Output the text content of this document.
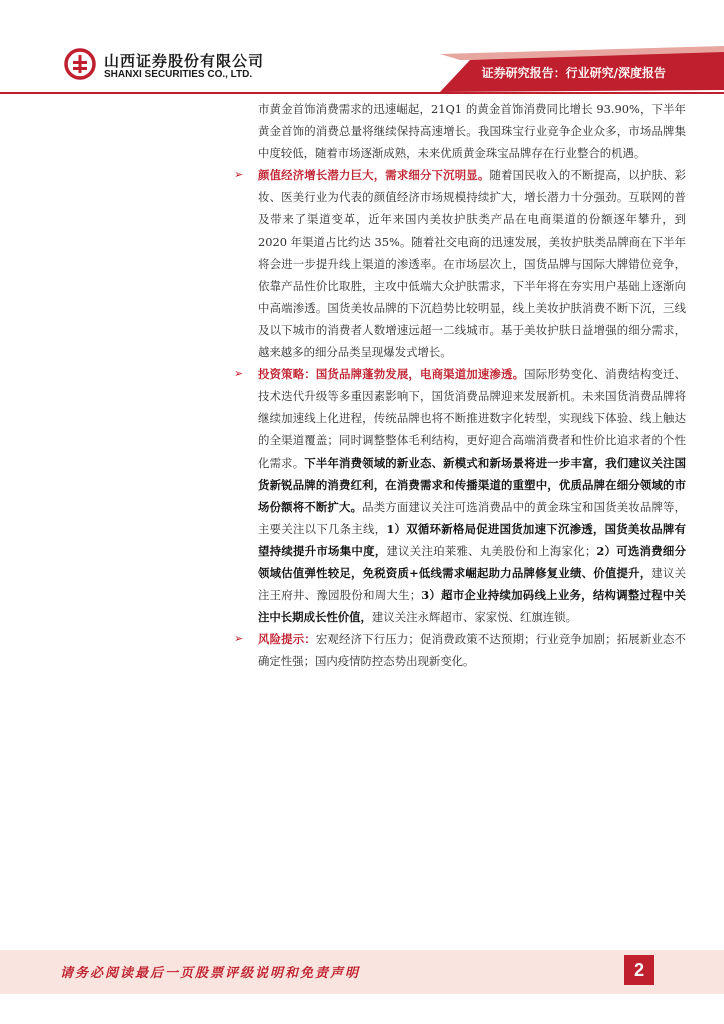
山西证券股份有限公司
SHANXI SECURITIES CO., LTD.	证券研究报告：行业研究/深度报告

市黄金首饰消费需求的迅速崛起，21Q1 的黄金首饰消费同比增长 93.90%，下半年黄金首饰的消费总量将继续保持高速增长。我国珠宝行业竞争企业众多，市场品牌集中度较低，随着市场逐渐成熟，未来优质黄金珠宝品牌存在行业整合的机遇。

➢ 颜值经济增长潜力巨大，需求细分下沉明显。随着国民收入的不断提高，以护肤、彩妆、医美行业为代表的颜值经济市场规模持续扩大，增长潜力十分强劲。互联网的普及带来了渠道变革，近年来国内美妆护肤类产品在电商渠道的份额逐年攀升，到 2020 年渠道占比约达 35%。随着社交电商的迅速发展，美妆护肤类品牌商在下半年将会进一步提升线上渠道的渗透率。在市场层次上，国货品牌与国际大牌错位竞争，依靠产品性价比取胜，主攻中低端大众护肤需求，下半年将在夯实用户基础上逐渐向中高端渗透。国货美妆品牌的下沉趋势比较明显，线上美妆护肤消费不断下沉，三线及以下城市的消费者人数增速远超一二线城市。基于美妆护肤日益增强的细分需求，越来越多的细分品类呈现爆发式增长。

➢ 投资策略：国货品牌蓬勃发展，电商渠道加速渗透。国际形势变化、消费结构变迁、技术迭代升级等多重因素影响下，国货消费品牌迎来发展新机。未来国货消费品牌将继续加速线上化进程，传统品牌也将不断推进数字化转型，实现线下体验、线上触达的全渠道覆盖；同时调整整体毛利结构，更好迎合高端消费者和性价比追求者的个性化需求。下半年消费领域的新业态、新模式和新场景将进一步丰富，我们建议关注国货新锐品牌的消费红利，在消费需求和传播渠道的重塑中，优质品牌在细分领域的市场份额将不断扩大。品类方面建议关注可选消费品中的黄金珠宝和国货美妆品牌等，主要关注以下几条主线，1）双循环新格局促进国货加速下沉渗透，国货美妆品牌有望持续提升市场集中度，建议关注珀莱雅、丸美股份和上海家化；2）可选消费细分领域估值弹性较足，免税资质+低线需求崛起助力品牌修复业绩、价值提升，建议关注王府井、豫园股份和周大生；3）超市企业持续加码线上业务，结构调整过程中关注中长期成长性价值，建议关注永辉超市、家家悦、红旗连锁。

➢ 风险提示：宏观经济下行压力；促消费政策不达预期；行业竞争加剧；拓展新业态不确定性强；国内疫情防控态势出现新变化。

请务必阅读最后一页股票评级说明和免责声明	2
